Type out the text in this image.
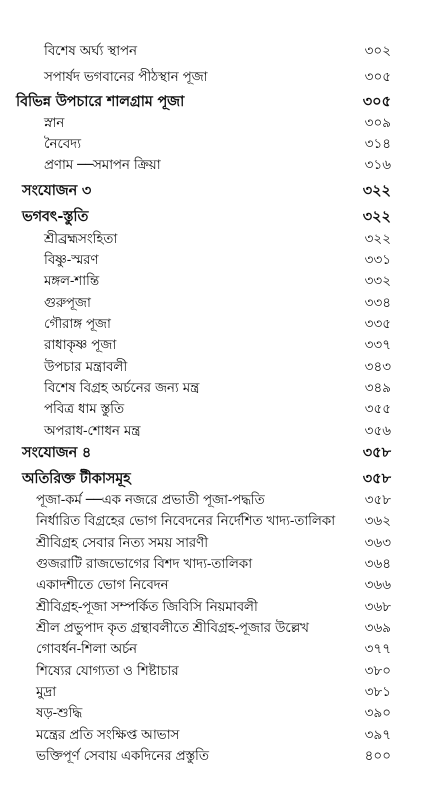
বিশেষ অর্ঘ্য স্থাপন	৩০২
সপার্ষদ ভগবানের পীঠস্থান পূজা	৩০৫
বিভিন্ন উপচারে শালগ্রাম পূজা	৩০৫
স্নান	৩০৯
নৈবেদ্য	৩১৪
প্রণাম ──সমাপন ক্রিয়া	৩১৬
সংযোজন ৩	৩২২
ভগবৎ-স্তুতি	৩২২
শ্রীব্রহ্মসংহিতা	৩২২
বিষ্ণু-স্মরণ	৩৩১
মঙ্গল-শান্তি	৩৩২
গুরুপূজা	৩৩৪
গৌরাঙ্গ পূজা	৩৩৫
রাধাকৃষ্ণ পূজা	৩৩৭
উপচার মন্ত্রাবলী	৩৪৩
বিশেষ বিগ্রহ অর্চনের জন্য মন্ত্র	৩৪৯
পবিত্র ধাম স্তুতি	৩৫৫
অপরাধ-শোধন মন্ত্র	৩৫৬
সংযোজন ৪	৩৫৮
অতিরিক্ত টীকাসমূহ	৩৫৮
পূজা-কর্ম ──এক নজরে প্রভাতী পূজা-পদ্ধতি	৩৫৮
নির্ধারিত বিগ্রহের ভোগ নিবেদনের নির্দেশিত খাদ্য-তালিকা ৩৬২
শ্রীবিগ্রহ সেবার নিত্য সময় সারণী	৩৬৩
গুজরাটি রাজভোগের বিশদ খাদ্য-তালিকা	৩৬৪
একাদশীতে ভোগ নিবেদন	৩৬৬
শ্রীবিগ্রহ-পূজা সম্পর্কিত জিবিসি নিয়মাবলী	৩৬৮
শ্রীল প্রভুপাদ কৃত গ্রন্থাবলীতে শ্রীবিগ্রহ-পূজার উল্লেখ	৩৬৯
গোবর্ধন-শিলা অর্চন	৩৭৭
শিষ্যের যোগ্যতা ও শিষ্টাচার	৩৮০
মুদ্রা	৩৮১
ষড়-শুদ্ধি	৩৯০
মন্ত্রের প্রতি সংক্ষিপ্ত আভাস	৩৯৭
ভক্তিপূর্ণ সেবায় একদিনের প্রস্তুতি	৪০০
